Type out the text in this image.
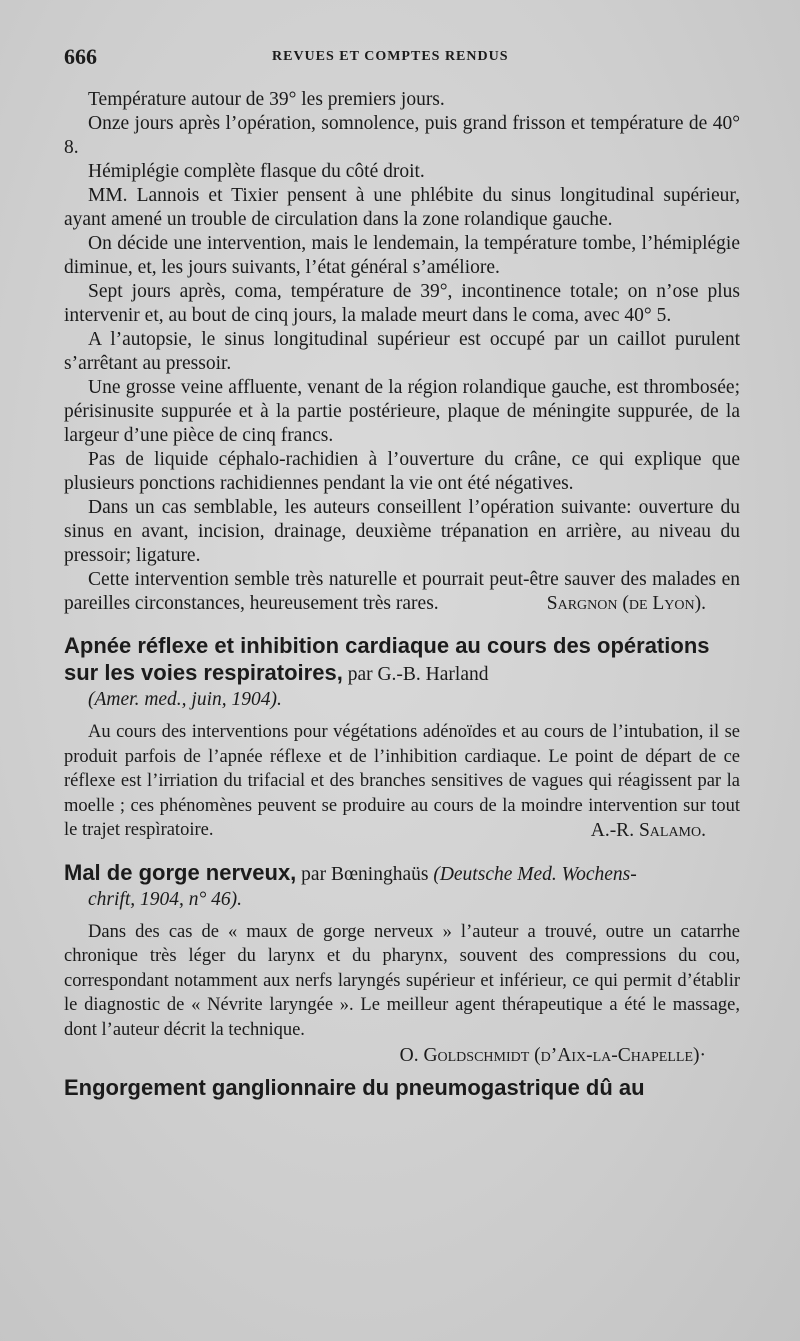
666	REVUES ET COMPTES RENDUS

Température autour de 39° les premiers jours.

Onze jours après l’opération, somnolence, puis grand frisson et température de 40° 8.

Hémiplégie complète flasque du côté droit.

MM. Lannois et Tixier pensent à une phlébite du sinus longitudinal supérieur, ayant amené un trouble de circulation dans la zone rolandique gauche.

On décide une intervention, mais le lendemain, la température tombe, l’hémiplégie diminue, et, les jours suivants, l’état général s’améliore.

Sept jours après, coma, température de 39°, incontinence totale; on n’ose plus intervenir et, au bout de cinq jours, la malade meurt dans le coma, avec 40° 5.

A l’autopsie, le sinus longitudinal supérieur est occupé par un caillot purulent s’arrêtant au pressoir.

Une grosse veine affluente, venant de la région rolandique gauche, est thrombosée; périsinusite suppurée et à la partie postérieure, plaque de méningite suppurée, de la largeur d’une pièce de cinq francs.

Pas de liquide céphalo-rachidien à l’ouverture du crâne, ce qui explique que plusieurs ponctions rachidiennes pendant la vie ont été négatives.

Dans un cas semblable, les auteurs conseillent l’opération suivante: ouverture du sinus en avant, incision, drainage, deuxième trépanation en arrière, au niveau du pressoir; ligature.

Cette intervention semble très naturelle et pourrait peut-être sauver des malades en pareilles circonstances, heureusement très rares.	Sargnon (de Lyon).
Apnée réflexe et inhibition cardiaque au cours des opérations sur les voies respiratoires, par G.-B. Harland
(Amer. med., juin, 1904).

Au cours des interventions pour végétations adénoïdes et au cours de l’intubation, il se produit parfois de l’apnée réflexe et de l’inhibition cardiaque. Le point de départ de ce réflexe est l’irriation du trifacial et des branches sensitives de vagues qui réagissent par la moelle ; ces phénomènes peuvent se produire au cours de la moindre intervention sur tout le trajet respìratoire.	A.-R. Salamo.
Mal de gorge nerveux, par Bœninghaüs (Deutsche Med. Wochens-
chrift, 1904, n° 46).

Dans des cas de « maux de gorge nerveux » l’auteur a trouvé, outre un catarrhe chronique très léger du larynx et du pharynx, souvent des compressions du cou, correspondant notamment aux nerfs laryngés supérieur et inférieur, ce qui permit d’établir le diagnostic de « Névrite laryngée ». Le meilleur agent thérapeutique a été le massage, dont l’auteur décrit la technique.

O. Goldschmidt (d’Aix-la-Chapelle)·
Engorgement ganglionnaire du pneumogastrique dû au
